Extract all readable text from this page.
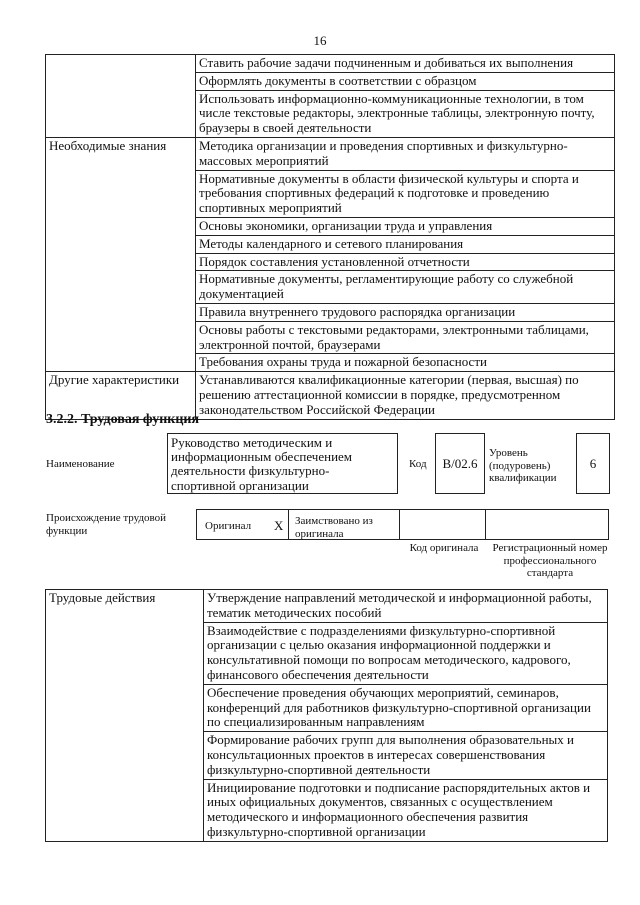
16
	Ставить рабочие задачи подчиненным и добиваться их выполнения
	Оформлять документы в соответствии с образцом
	Использовать информационно-коммуникационные технологии, в том числе текстовые редакторы, электронные таблицы, электронную почту, браузеры в своей деятельности
Необходимые знания	Методика организации и проведения спортивных и физкультурно-массовых мероприятий
	Нормативные документы в области физической культуры и спорта и требования спортивных федераций к подготовке и проведению спортивных мероприятий
	Основы экономики, организации труда и управления
	Методы календарного и сетевого планирования
	Порядок составления установленной отчетности
	Нормативные документы, регламентирующие работу со служебной документацией
	Правила внутреннего трудового распорядка организации
	Основы работы с текстовыми редакторами, электронными таблицами, электронной почтой, браузерами
	Требования охраны труда и пожарной безопасности
Другие характеристики	Устанавливаются квалификационные категории (первая, высшая) по решению аттестационной комиссии в порядке, предусмотренном законодательством Российской Федерации
3.2.2. Трудовая функция
Наименование
Руководство методическим и информационным обеспечением деятельности физкультурно-спортивной организации
Код	B/02.6
Уровень (подуровень) квалификации
6
Происхождение трудовой функции	Оригинал X Заимствовано из оригинала
Код оригинала	Регистрационный номер профессионального стандарта
Трудовые действия	Утверждение направлений методической и информационной работы, тематик методических пособий
Взаимодействие с подразделениями физкультурно-спортивной организации с целью оказания информационной поддержки и консультативной помощи по вопросам методического, кадрового, финансового обеспечения деятельности
Обеспечение проведения обучающих мероприятий, семинаров, конференций для работников физкультурно-спортивной организации по специализированным направлениям
Формирование рабочих групп для выполнения образовательных и консультационных проектов в интересах совершенствования физкультурно-спортивной деятельности
Инициирование подготовки и подписание распорядительных актов и иных официальных документов, связанных с осуществлением методического и информационного обеспечения развития физкультурно-спортивной организации
